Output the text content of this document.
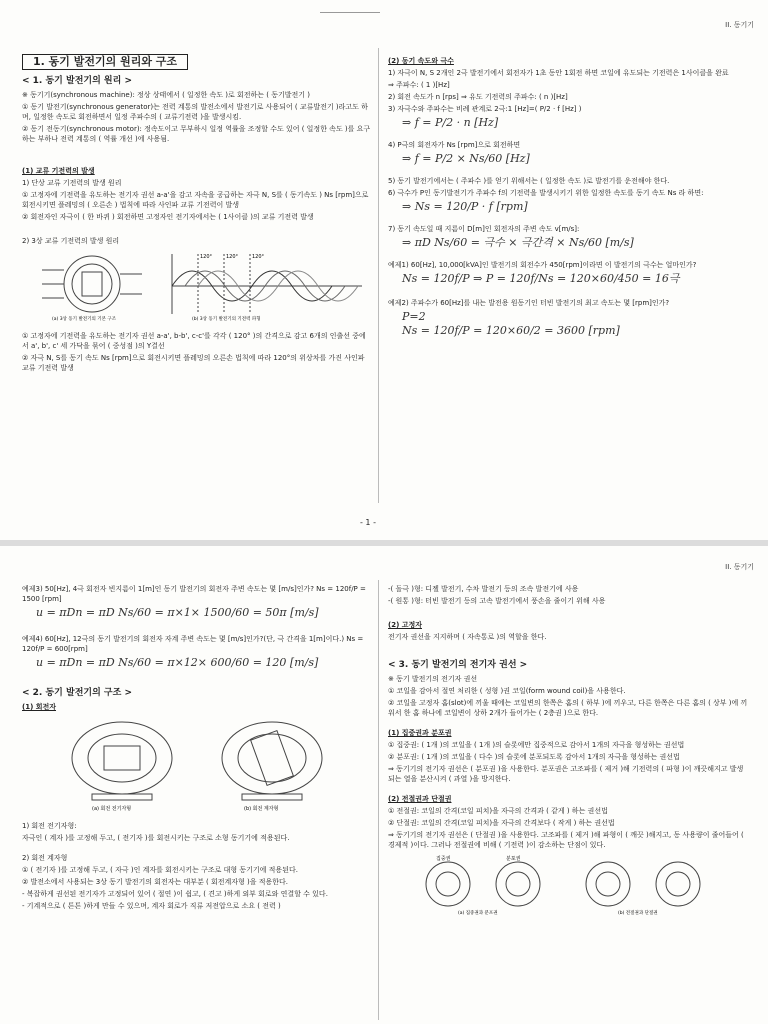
II. 동기기
1. 동기 발전기의 원리와 구조
< 1. 동기 발전기의 원리 >

※ 동기기(synchronous machine): 정상 상태에서 ( 일정한 속도 )로 회전하는 ( 동기발전기 )

① 동기 발전기(synchronous generator)는 전력 계통의 발전소에서 발전기로 사용되어 ( 교류발전기 )라고도 하며, 일정한 속도로 회전하면서 일정 주파수의 ( 교류기전력 )을 발생시킴.

② 동기 전동기(synchronous motor): 정속도이고 무부하시 일정 역률을 조정할 수도 있어 ( 일정한 속도 )를 요구하는 부하나 전력 계통의 ( 역률 개선 )에 사용됨.

(1) 교류 기전력의 발생

1) 단상 교류 기전력의 발생 원리

① 고정자에 기전력을 유도하는 전기자 권선 a-a'을 감고 자속을 공급하는 자극 N, S를 ( 동기속도 ) Ns [rpm]으로 회전시키면 플레밍의 ( 오른손 ) 법칙에 따라 사인파 교류 기전력이 발생

② 회전자인 자극이 ( 한 바퀴 ) 회전하면 고정자인 전기자에서는 ( 1사이클 )의 교류 기전력 발생

2) 3상 교류 기전력의 발생 원리

120°	120°	120°
(a) 3상 동기 발전기의 기본 구조	(b) 3상 동기 발전기의 기전력 파형

① 고정자에 기전력을 유도하는 전기자 권선 a-a', b-b', c-c'를 각각 ( 120° )의 간격으로 감고 6개의 인출선 중에서 a', b', c' 세 가닥을 묶어 ( 중성점 )의 Y결선

② 자극 N, S를 동기 속도 Ns [rpm]으로 회전시키면 플레밍의 오른손 법칙에 따라 120°의 위상차를 가진 사인파 교류 기전력 발생

(2) 동기 속도와 극수

1) 자극이 N, S 2개인 2극 발전기에서 회전자가 1초 동안 1회전 하면 코일에 유도되는 기전력은 1사이클을 완료

⇒ 주파수: ( 1 )[Hz]

2) 회전 속도가 n [rps] ⇒ 유도 기전력의 주파수: ( n )[Hz]

3) 자극수와 주파수는 비례 관계로 2극:1 [Hz]=( P/2 · f [Hz] )

⇒ f = P/2 · n [Hz]

4) P극의 회전자가 Ns [rpm]으로 회전하면

⇒ f = P/2 × Ns/60 [Hz]

5) 동기 발전기에서는 ( 주파수 )를 얻기 위해서는 ( 일정한 속도 )로 발전기를 운전해야 한다.

6) 극수가 P인 동기발전기가 주파수 f의 기전력을 발생시키기 위한 일정한 속도를 동기 속도 Ns 라 하면:

⇒ Ns = 120/P · f [rpm]

7) 동기 속도일 때 지름이 D[m]인 회전자의 주변 속도 v[m/s]:

⇒ πD Ns/60 = 극수 × 극간격 × Ns/60 [m/s]

예제1) 60[Hz], 10,000[kVA]인 발전기의 회전수가 450[rpm]이라면 이 발전기의 극수는 얼마인가?

Ns = 120f/P ⇒ P = 120f/Ns = 120×60/450 = 16극

예제2) 주파수가 60[Hz]를 내는 발전용 원동기인 터빈 발전기의 최고 속도는 몇 [rpm]인가?

P=2
Ns = 120f/P = 120×60/2 = 3600 [rpm]
- 1 -
II. 동기기

예제3) 50[Hz], 4극 회전자 빈지름이 1[m]인 동기 발전기의 회전자 주변 속도는 몇 [m/s]인가? Ns = 120f/P = 1500 [rpm]

u = πDn = πD Ns/60 = π×1× 1500/60 = 50π [m/s]

예제4) 60[Hz], 12극의 동기 발전기의 회전자 자계 주변 속도는 몇 [m/s]인가?(단, 극 간격을 1[m]이다.) Ns = 120f/P = 600[rpm]

u = πDn = πD Ns/60 = π×12× 600/60 = 120 [m/s]
< 2. 동기 발전기의 구조 >
(1) 회전자
(a) 회전 전기자형	(b) 회전 계자형

1) 회전 전기자형:

자극인 ( 계자 )를 고정해 두고, ( 전기자 )를 회전시키는 구조로 소형 동기기에 적용된다.

2) 회전 계자형

① ( 전기자 )를 고정해 두고, ( 자극 )인 계자를 회전시키는 구조로 대형 동기기에 적용된다.

② 발전소에서 사용되는 3상 동기 발전기의 회전자는 대부분 ( 회전계자형 )을 적용한다.

- 복잡하게 권선된 전기자가 고정되어 있어 ( 절연 )이 쉽고, ( 견고 )하게 외부 회로와 연결할 수 있다.

- 기계적으로 ( 튼튼 )하게 만들 수 있으며, 계자 회로가 직류 저전압으로 소요 ( 전력 )

-( 돌극 )형: 디젤 발전기, 수차 발전기 등의 조속 발전기에 사용

-( 원통 )형: 터빈 발전기 등의 고속 발전기에서 풍손을 줄이기 위해 사용

(2) 고정자

전기자 권선을 지지하며 ( 자속통로 )의 역할을 한다.

< 3. 동기 발전기의 전기자 권선 >

※ 동기 발전기의 전기자 권선

① 코일을 감아서 절연 처리한 ( 성형 )권 코일(form wound coil)을 사용한다.

② 코일을 고정자 홈(slot)에 끼울 때에는 코일변의 한쪽은 홈의 ( 하부 )에 끼우고, 다른 한쪽은 다른 홈의 ( 상부 )에 끼워서 한 홈 하나에 코일변이 상하 2개가 들어가는 ( 2층권 )으로 한다.

(1) 집중권과 분포권

① 집중권: ( 1개 )의 코일을 ( 1개 )의 슬롯에만 집중적으로 감아서 1개의 자극을 형성하는 권선법

② 분포권: ( 1개 )의 코일을 ( 다수 )의 슬롯에 분포되도록 감아서 1개의 자극을 형성하는 권선법

⇒ 동기기의 전기자 권선은 ( 분포권 )을 사용한다. 분포권은 고조파를 ( 제거 )해 기전력의 ( 파형 )이 깨끗해지고 발생되는 열을 분산시켜 ( 과열 )을 방지한다.

(2) 전절권과 단절권

① 전절권: 코일의 간격(코일 피치)을 자극의 간격과 ( 같게 ) 하는 권선법

② 단절권: 코일의 간격(코일 피치)을 자극의 간격보다 ( 작게 ) 하는 권선법

⇒ 동기기의 전기자 권선은 ( 단절권 )을 사용한다. 고조파를 ( 제거 )해 파형이 ( 깨끗 )해지고, 동 사용량이 줄어들어 ( 경제적 )이다. 그러나 전절권에 비해 ( 기전력 )이 감소하는 단점이 있다.

집중권	분포권
(a) 집중권과 분포권	(b) 전절권과 단절권
